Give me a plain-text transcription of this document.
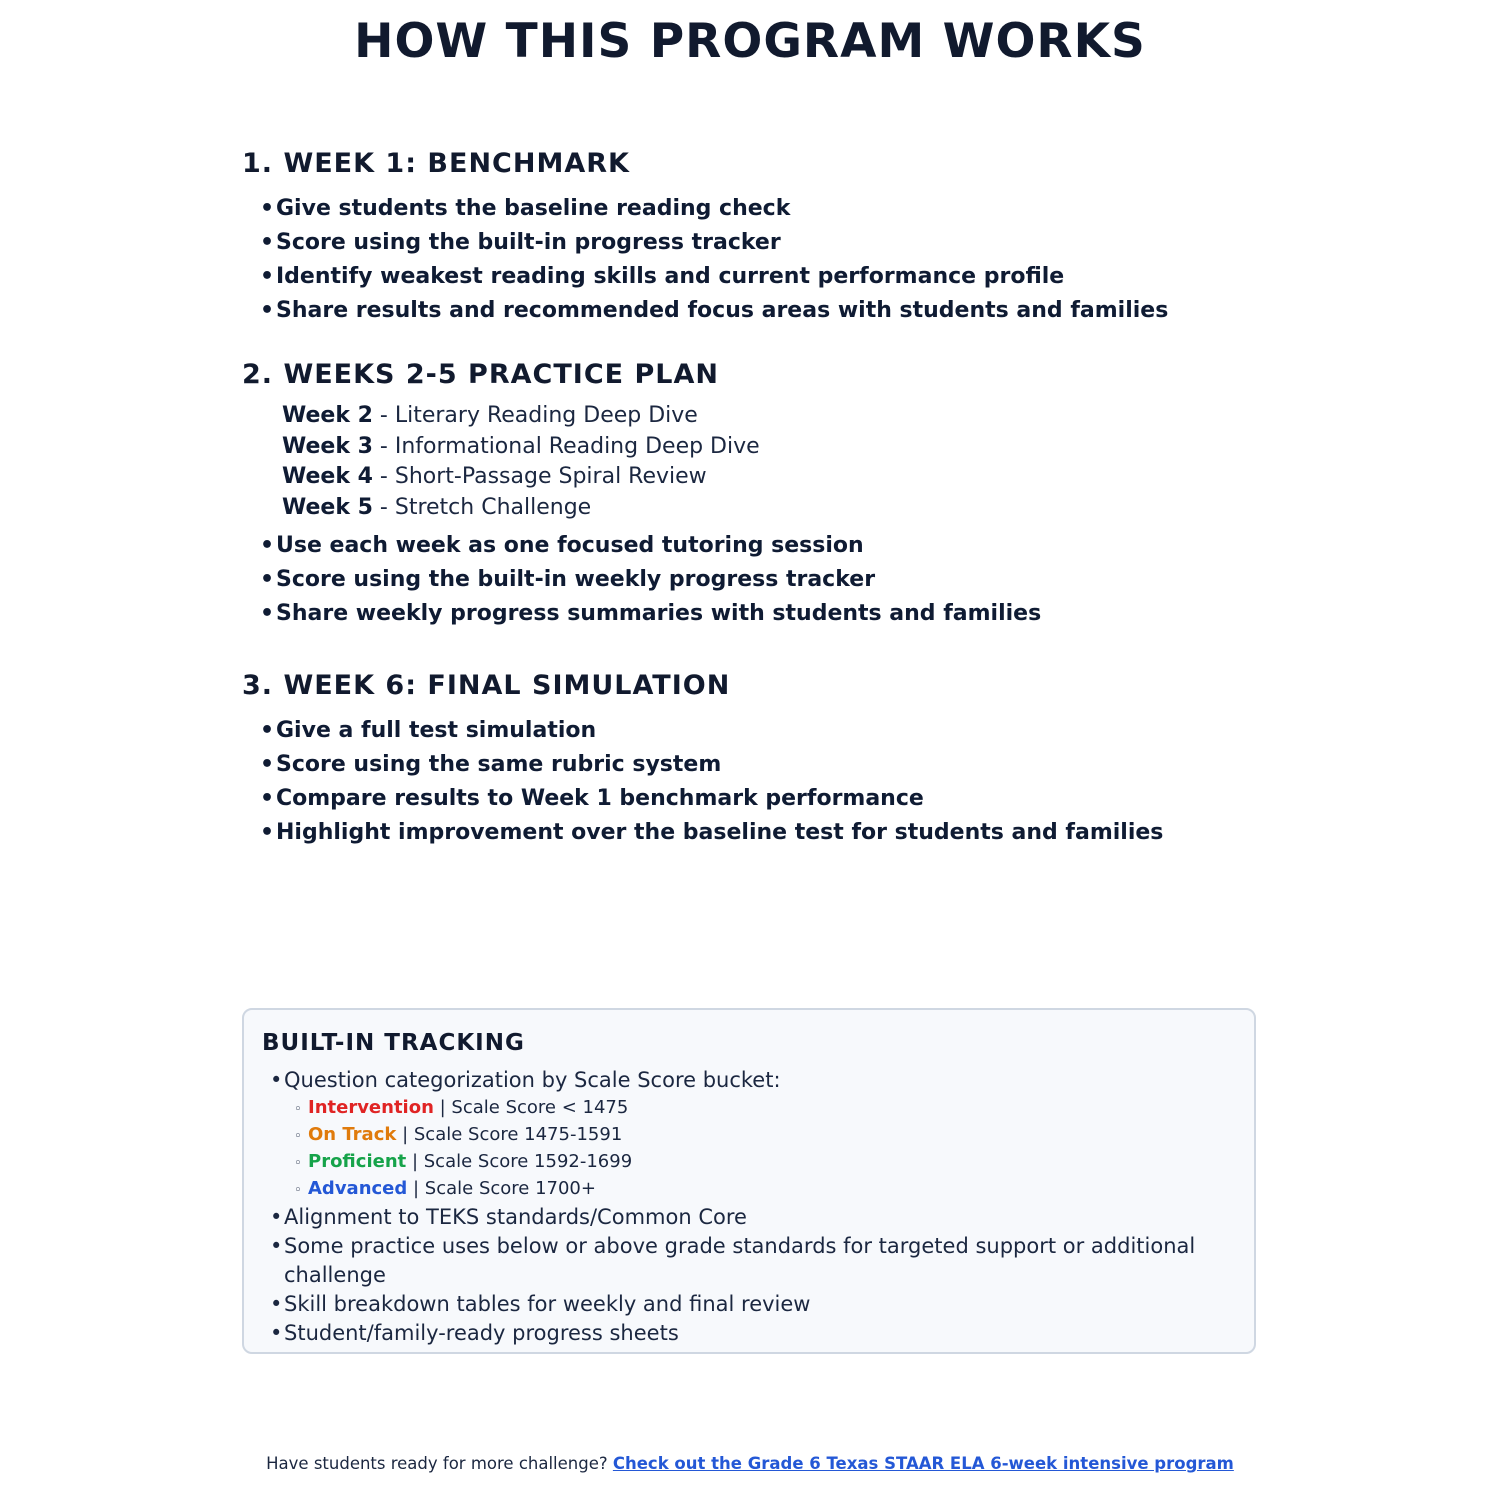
HOW THIS PROGRAM WORKS
1. WEEK 1: BENCHMARK
•Give students the baseline reading check
•Score using the built-in progress tracker
•Identify weakest reading skills and current performance profile
•Share results and recommended focus areas with students and families
2. WEEKS 2-5 PRACTICE PLAN
Week 2 - Literary Reading Deep Dive
Week 3 - Informational Reading Deep Dive
Week 4 - Short-Passage Spiral Review
Week 5 - Stretch Challenge
•Use each week as one focused tutoring session
•Score using the built-in weekly progress tracker
•Share weekly progress summaries with students and families
3. WEEK 6: FINAL SIMULATION
•Give a full test simulation
•Score using the same rubric system
•Compare results to Week 1 benchmark performance
•Highlight improvement over the baseline test for students and families
BUILT-IN TRACKING
• Question categorization by Scale Score bucket:
◦ Intervention | Scale Score < 1475
◦ On Track | Scale Score 1475-1591
◦ Proficient | Scale Score 1592-1699
◦ Advanced | Scale Score 1700+
• Alignment to TEKS standards/Common Core
• Some practice uses below or above grade standards for targeted support or additional challenge
• Skill breakdown tables for weekly and final review
• Student/family-ready progress sheets
Have students ready for more challenge? Check out the Grade 6 Texas STAAR ELA 6-week intensive program
